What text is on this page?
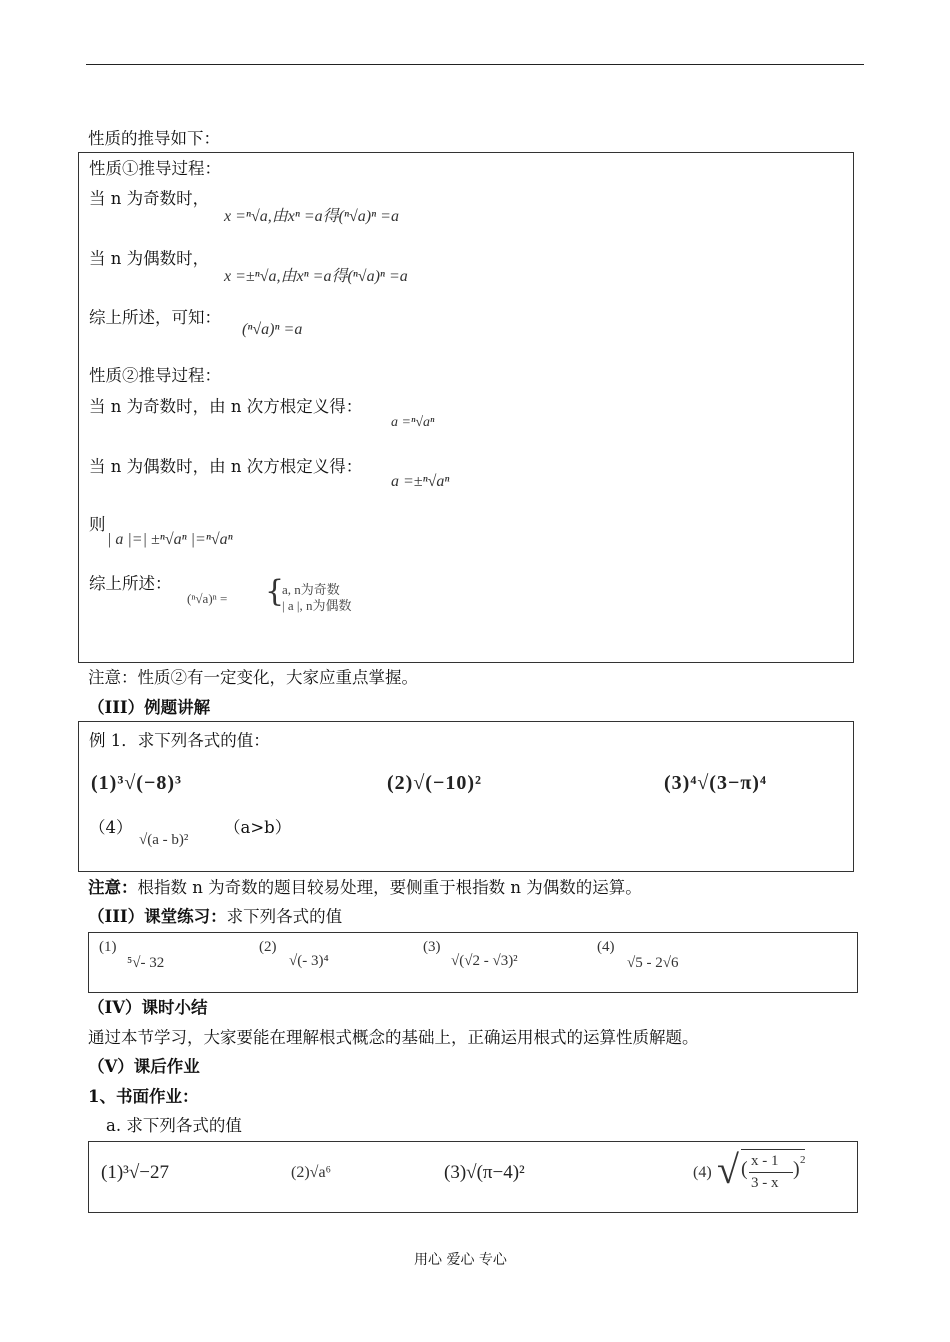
性质的推导如下：
性质①推导过程：
当 n 为奇数时，
x =ⁿ√a,由xⁿ =a得(ⁿ√a)ⁿ =a
当 n 为偶数时，
x =±ⁿ√a,由xⁿ =a得(ⁿ√a)ⁿ =a
综上所述，可知：
(ⁿ√a)ⁿ =a
性质②推导过程：
当 n 为奇数时，由 n 次方根定义得：
a =ⁿ√aⁿ
当 n 为偶数时，由 n 次方根定义得：
a =±ⁿ√aⁿ
则
| a |=| ±ⁿ√aⁿ |=ⁿ√aⁿ
综上所述：
(ⁿ√a)ⁿ = {
a, n为奇数
| a |, n为偶数
注意：性质②有一定变化，大家应重点掌握。
（III）例题讲解
例 1．求下列各式的值：
(1)³√(−8)³	(2)√(−10)²	(3)⁴√(3−π)⁴
（4）
√(a - b)²
（a>b）
注意：根指数 n 为奇数的题目较易处理，要侧重于根指数 n 为偶数的运算。
（III）课堂练习：求下列各式的值
(1)
⁵√- 32
(2)
√(- 3)⁴
(3)
√(√2 - √3)²
(4)
√5 - 2√6
（IV）课时小结
通过本节学习，大家要能在理解根式概念的基础上，正确运用根式的运算性质解题。
（V）课后作业
1、书面作业：
a. 求下列各式的值
(1)³√−27	(2)√a⁶	(3)√(π−4)²	(4) √ ( x - 1
3 - x
) 2
用心 爱心 专心
